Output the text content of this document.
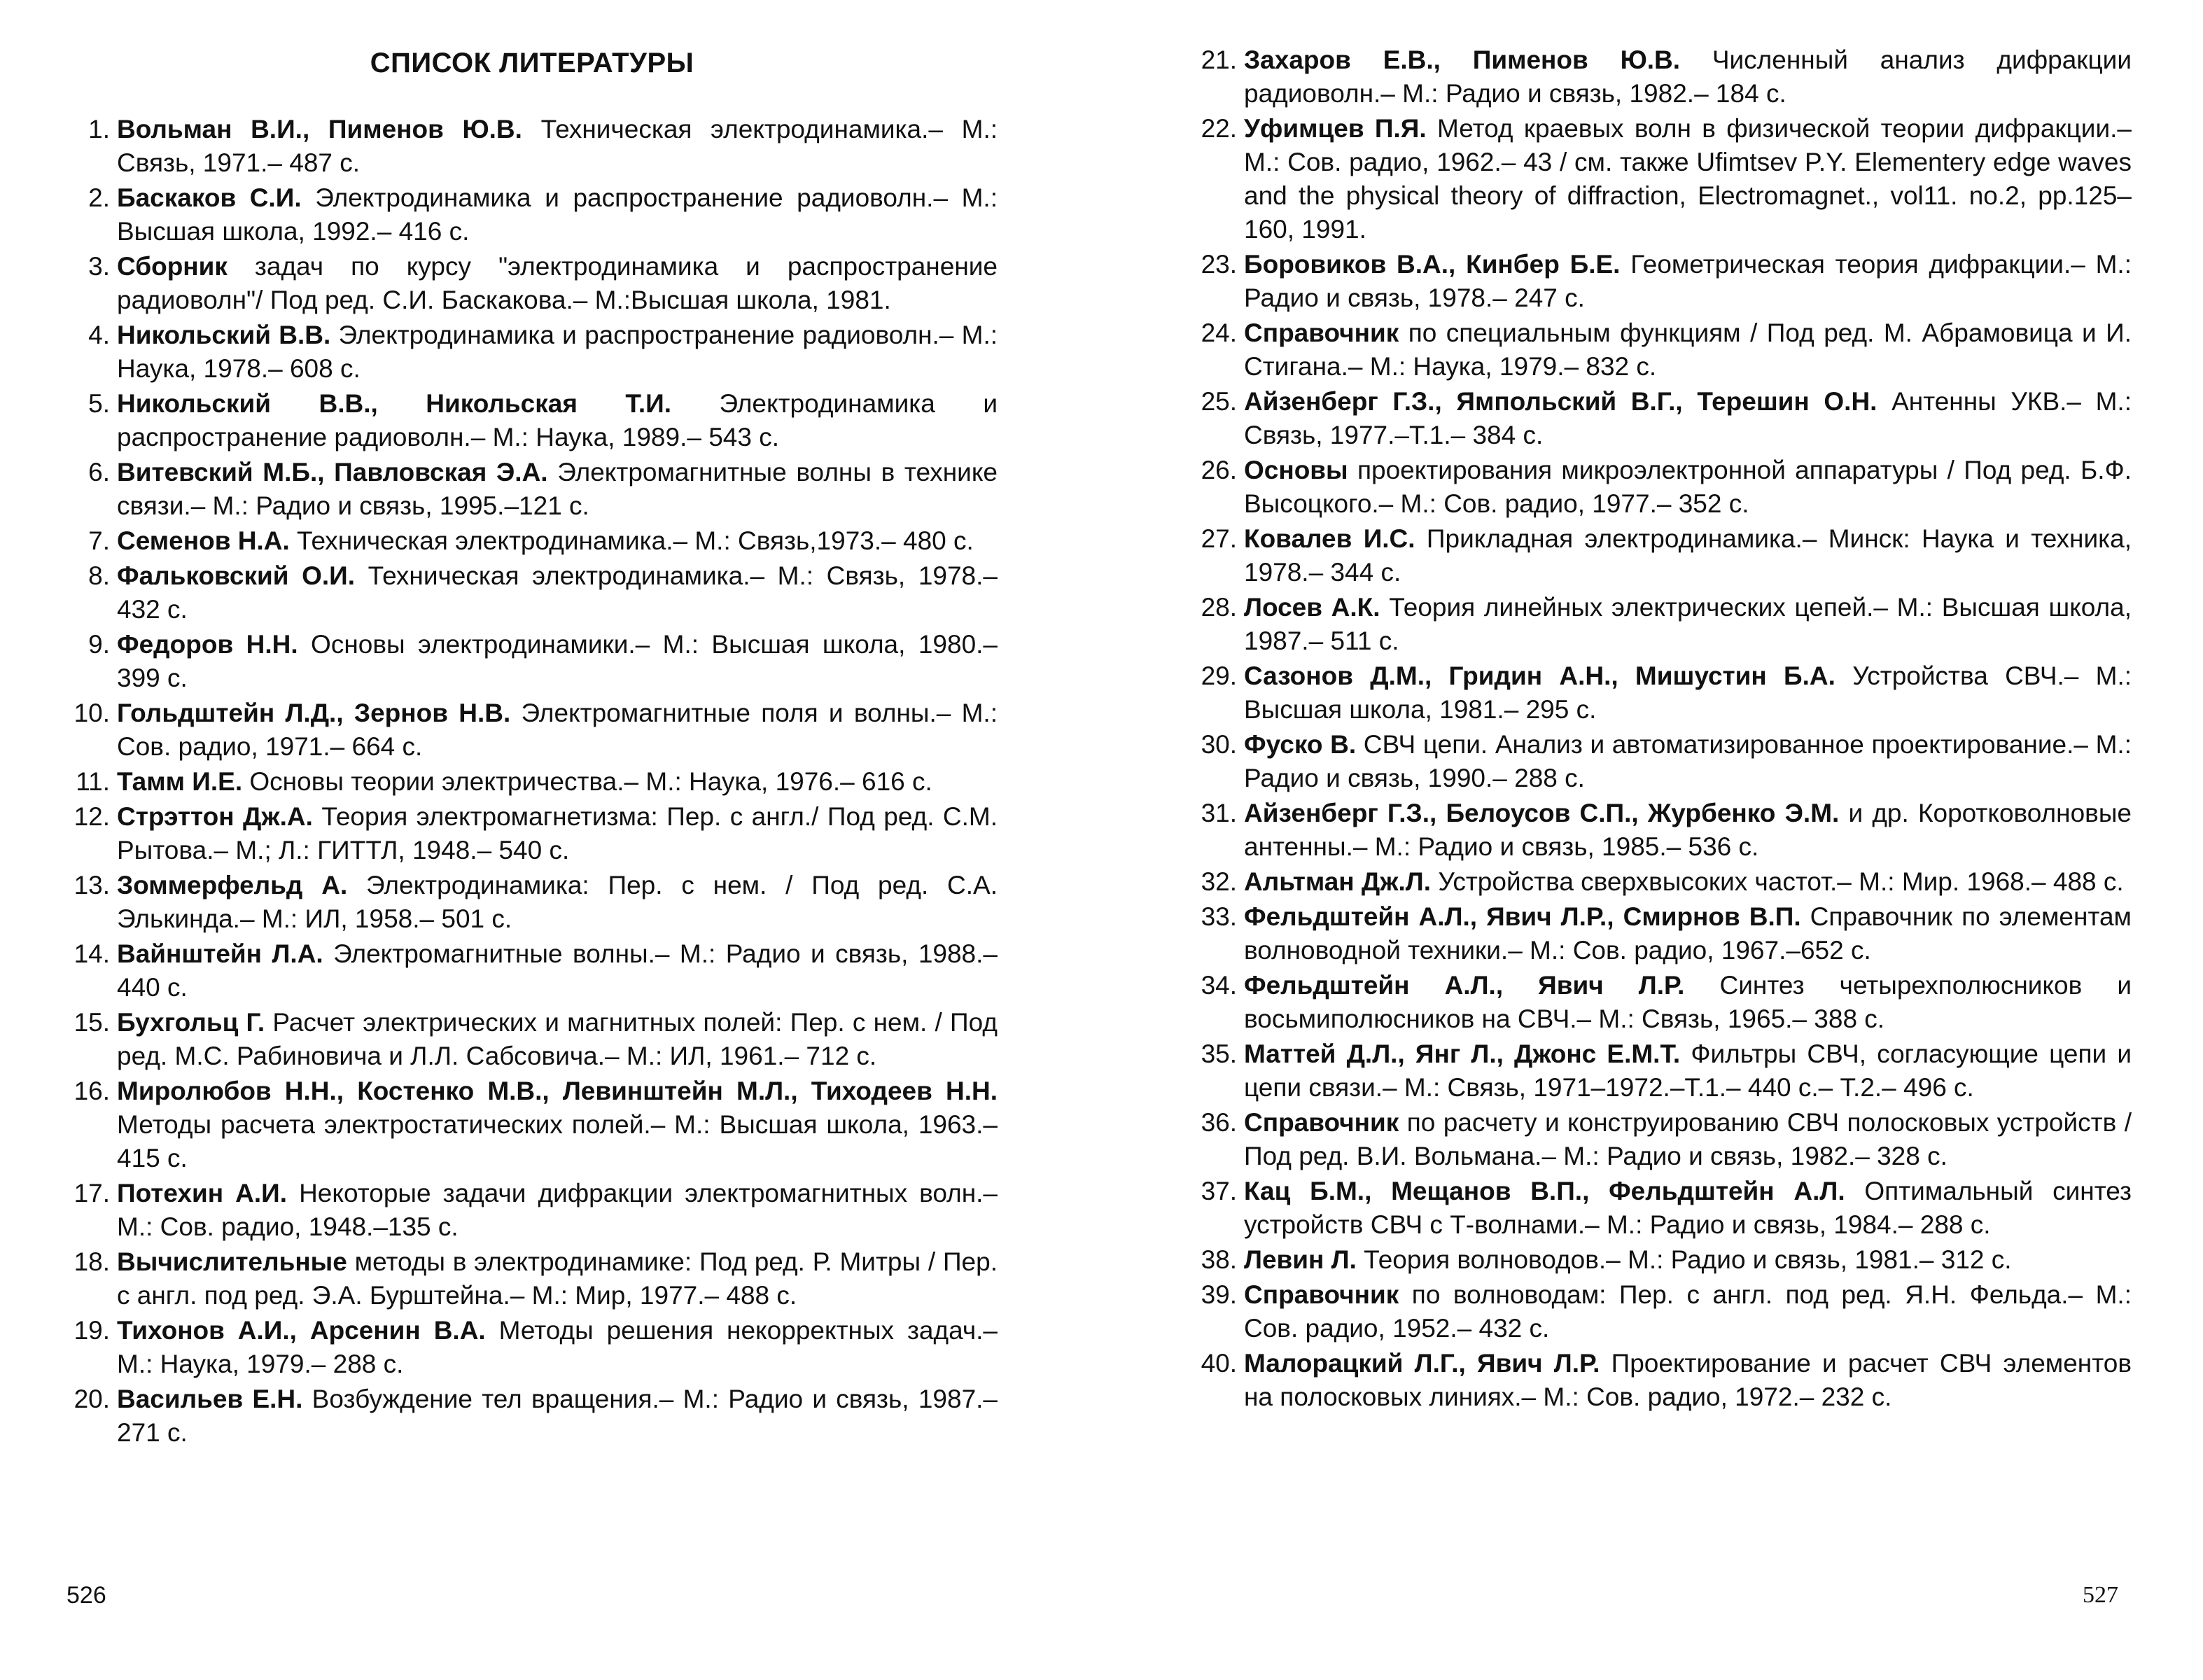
СПИСОК ЛИТЕРАТУРЫ
1. Вольман В.И., Пименов Ю.В. Техническая электродинамика.– М.: Связь, 1971.– 487 с.
2. Баскаков С.И. Электродинамика и распространение радиоволн.– М.: Высшая школа, 1992.– 416 с.
3. Сборник задач по курсу "электродинамика и распространение радиоволн"/ Под ред. С.И. Баскакова.– М.:Высшая школа, 1981.
4. Никольский В.В. Электродинамика и распространение радиоволн.– М.: Наука, 1978.– 608 с.
5. Никольский В.В., Никольская Т.И. Электродинамика и распространение радиоволн.– М.: Наука, 1989.– 543 с.
6. Витевский М.Б., Павловская Э.А. Электромагнитные волны в технике связи.– М.: Радио и связь, 1995.–121 с.
7. Семенов Н.А. Техническая электродинамика.– М.: Связь,1973.– 480 с.
8. Фальковский О.И. Техническая электродинамика.– М.: Связь, 1978.– 432 с.
9. Федоров Н.Н. Основы электродинамики.– М.: Высшая школа, 1980.– 399 с.
10. Гольдштейн Л.Д., Зернов Н.В. Электромагнитные поля и волны.– М.: Сов. радио, 1971.– 664 с.
11. Тамм И.Е. Основы теории электричества.– М.: Наука, 1976.– 616 с.
12. Стрэттон Дж.А. Теория электромагнетизма: Пер. с англ./ Под ред. С.М. Рытова.– М.; Л.: ГИТТЛ, 1948.– 540 с.
13. Зоммерфельд А. Электродинамика: Пер. с нем. / Под ред. С.А. Элькинда.– М.: ИЛ, 1958.– 501 с.
14. Вайнштейн Л.А. Электромагнитные волны.– М.: Радио и связь, 1988.– 440 с.
15. Бухгольц Г. Расчет электрических и магнитных полей: Пер. с нем. / Под ред. М.С. Рабиновича и Л.Л. Сабсовича.– М.: ИЛ, 1961.– 712 с.
16. Миролюбов Н.Н., Костенко М.В., Левинштейн М.Л., Тиходеев Н.Н. Методы расчета электростатических полей.– М.: Высшая школа, 1963.– 415 с.
17. Потехин А.И. Некоторые задачи дифракции электромагнитных волн.– М.: Сов. радио, 1948.–135 с.
18. Вычислительные методы в электродинамике: Под ред. Р. Митры / Пер. с англ. под ред. Э.А. Бурштейна.– М.: Мир, 1977.– 488 с.
19. Тихонов А.И., Арсенин В.А. Методы решения некорректных задач.– М.: Наука, 1979.– 288 с.
20. Васильев Е.Н. Возбуждение тел вращения.– М.: Радио и связь, 1987.– 271 с.
21. Захаров Е.В., Пименов Ю.В. Численный анализ дифракции радиоволн.– М.: Радио и связь, 1982.– 184 с.
22. Уфимцев П.Я. Метод краевых волн в физической теории дифракции.– М.: Сов. радио, 1962.– 43 / см. также Ufimtsev P.Y. Elementery edge waves and the physical theory of diffraction, Electromagnet., vol11. no.2, pp.125–160, 1991.
23. Боровиков В.А., Кинбер Б.Е. Геометрическая теория дифракции.– М.: Радио и связь, 1978.– 247 с.
24. Справочник по специальным функциям / Под ред. М. Абрамовица и И. Стигана.– М.: Наука, 1979.– 832 с.
25. Айзенберг Г.З., Ямпольский В.Г., Терешин О.Н. Антенны УКВ.– М.: Связь, 1977.–Т.1.– 384 с.
26. Основы проектирования микроэлектронной аппаратуры / Под ред. Б.Ф. Высоцкого.– М.: Сов. радио, 1977.– 352 с.
27. Ковалев И.С. Прикладная электродинамика.– Минск: Наука и техника, 1978.– 344 с.
28. Лосев А.К. Теория линейных электрических цепей.– М.: Высшая школа, 1987.– 511 с.
29. Сазонов Д.М., Гридин А.Н., Мишустин Б.А. Устройства СВЧ.– М.: Высшая школа, 1981.– 295 с.
30. Фуско В. СВЧ цепи. Анализ и автоматизированное проектирование.– М.: Радио и связь, 1990.– 288 с.
31. Айзенберг Г.З., Белоусов С.П., Журбенко Э.М. и др. Коротковолновые антенны.– М.: Радио и связь, 1985.– 536 с.
32. Альтман Дж.Л. Устройства сверхвысоких частот.– М.: Мир. 1968.– 488 с.
33. Фельдштейн А.Л., Явич Л.Р., Смирнов В.П. Справочник по элементам волноводной техники.– М.: Сов. радио, 1967.–652 с.
34. Фельдштейн А.Л., Явич Л.Р. Синтез четырехполюсников и восьмиполюсников на СВЧ.– М.: Связь, 1965.– 388 с.
35. Маттей Д.Л., Янг Л., Джонс Е.М.Т. Фильтры СВЧ, согласующие цепи и цепи связи.– М.: Связь, 1971–1972.–Т.1.– 440 с.– Т.2.– 496 с.
36. Справочник по расчету и конструированию СВЧ полосковых устройств / Под ред. В.И. Вольмана.– М.: Радио и связь, 1982.– 328 с.
37. Кац Б.М., Мещанов В.П., Фельдштейн А.Л. Оптимальный синтез устройств СВЧ с Т-волнами.– М.: Радио и связь, 1984.– 288 с.
38. Левин Л. Теория волноводов.– М.: Радио и связь, 1981.– 312 с.
39. Справочник по волноводам: Пер. с англ. под ред. Я.Н. Фельда.– М.: Сов. радио, 1952.– 432 с.
40. Малорацкий Л.Г., Явич Л.Р. Проектирование и расчет СВЧ элементов на полосковых линиях.– М.: Сов. радио, 1972.– 232 с.
526	527
